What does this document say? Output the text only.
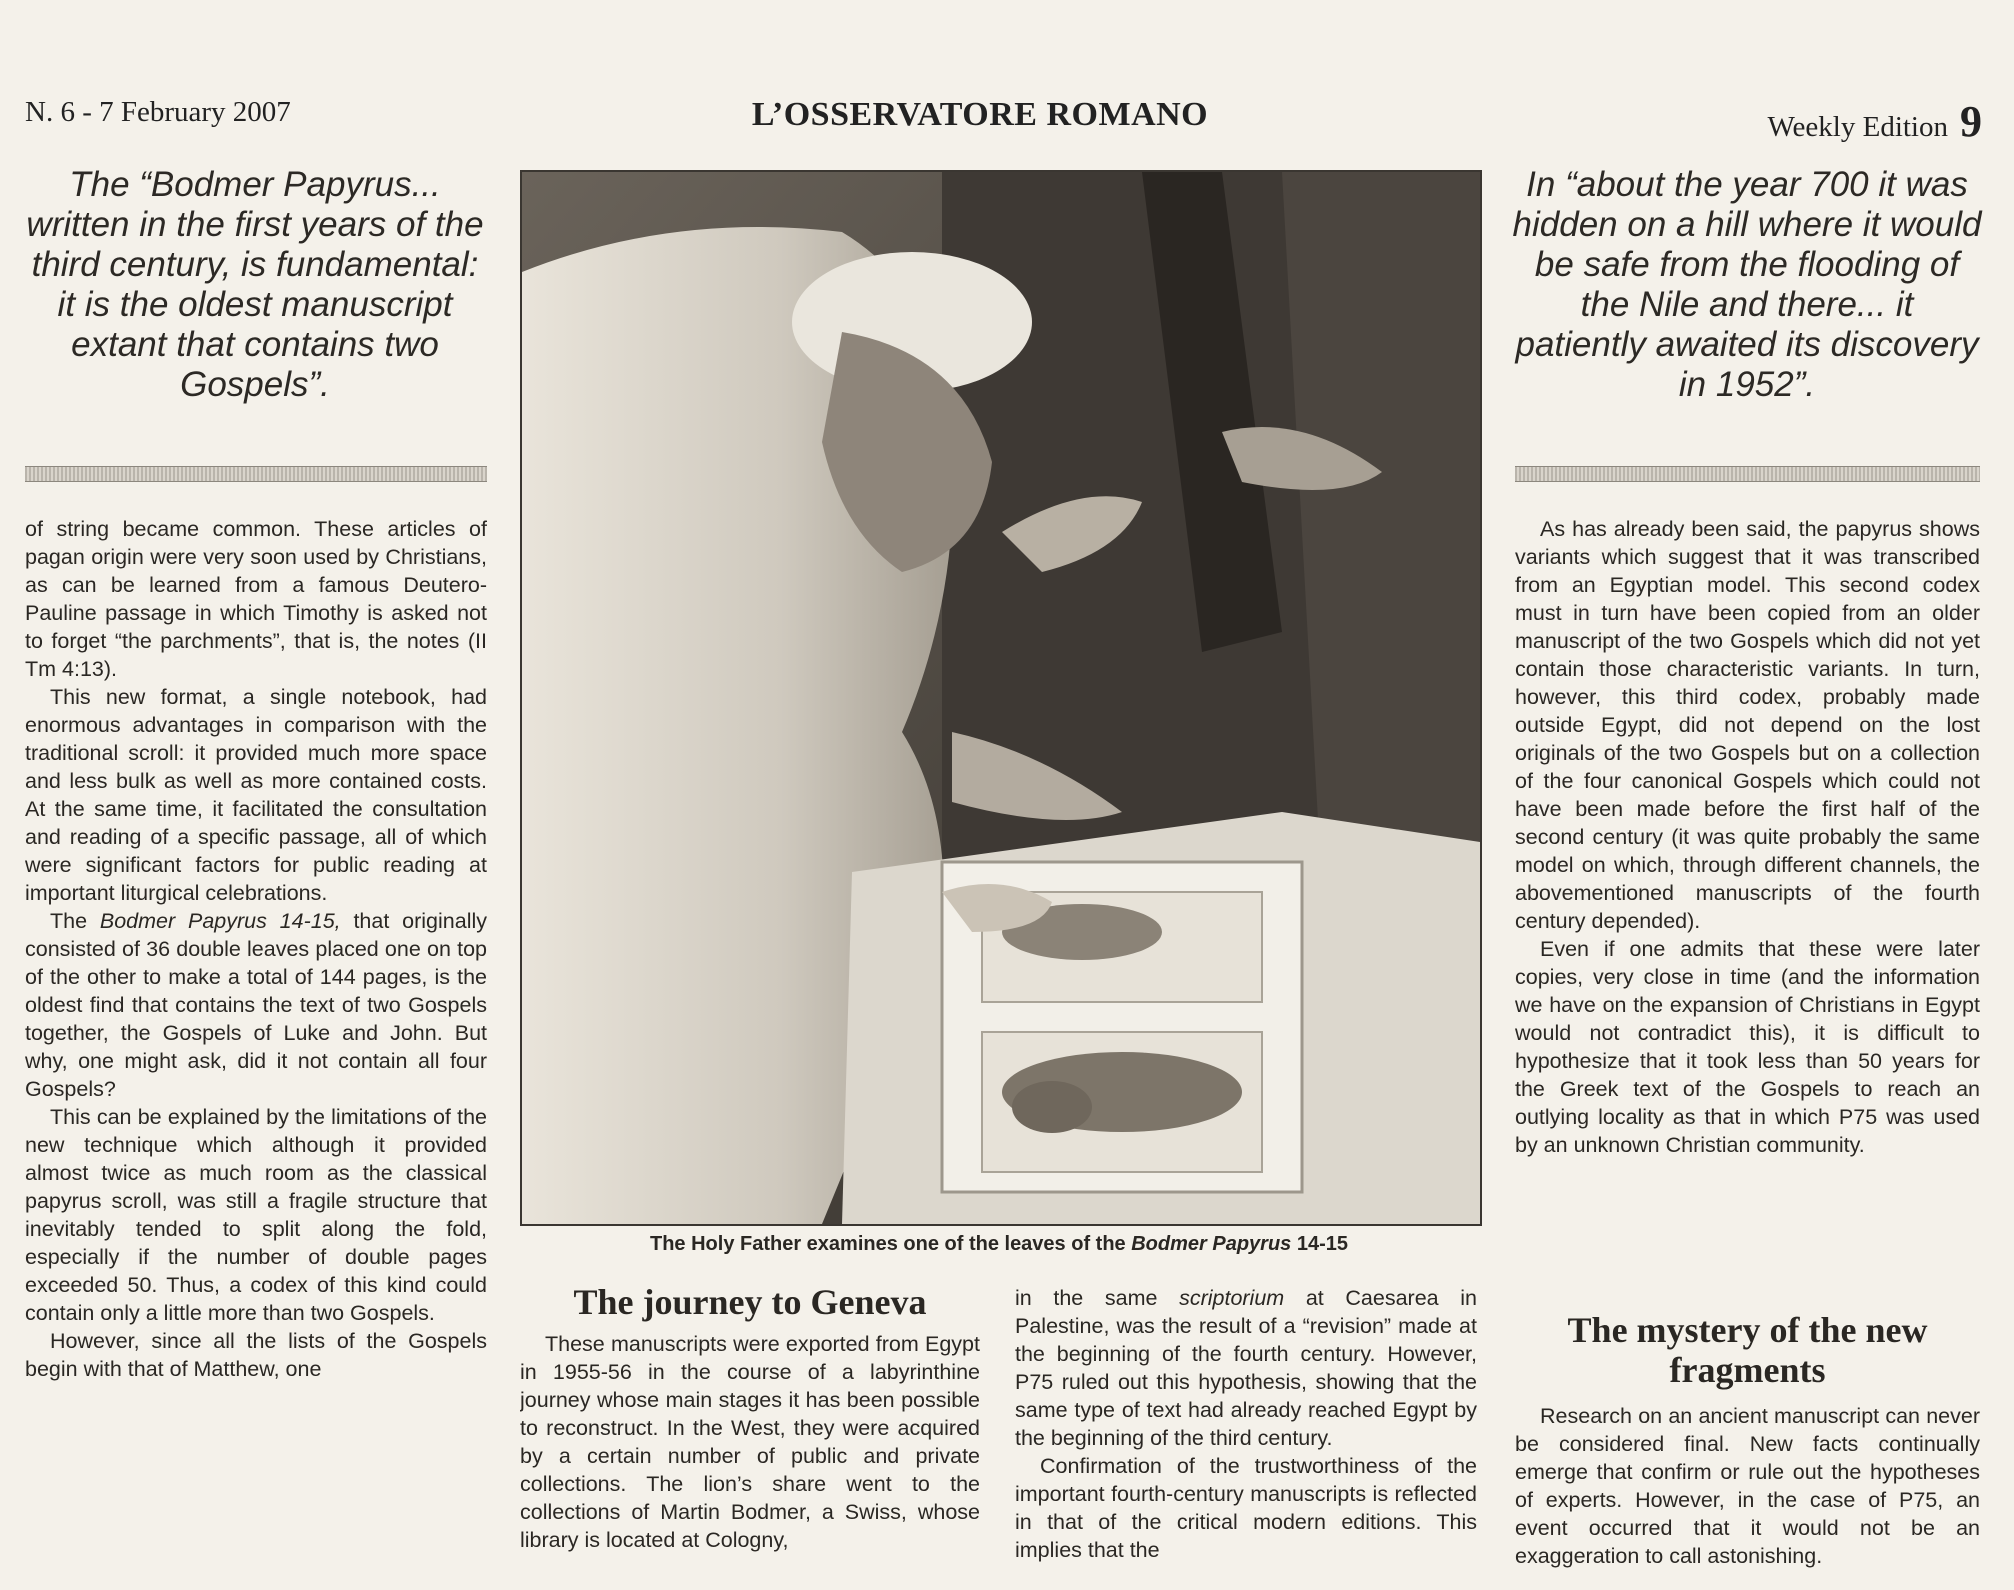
N. 6 - 7 February 2007	L’OSSERVATORE ROMANO	Weekly Edition 9
The “Bodmer Papyrus... written in the first years of the third century, is fundamental: it is the oldest manuscript extant that contains two Gospels”.
In “about the year 700 it was hidden on a hill where it would be safe from the flooding of the Nile and there... it patiently awaited its discovery in 1952”.

of string became common. These articles of pagan origin were very soon used by Christians, as can be learned from a famous Deutero-Pauline passage in which Timothy is asked not to forget “the parchments”, that is, the notes (II Tm 4:13).

This new format, a single notebook, had enormous advantages in comparison with the traditional scroll: it provided much more space and less bulk as well as more contained costs. At the same time, it facilitated the consultation and reading of a specific passage, all of which were significant factors for public reading at important liturgical celebrations.

The Bodmer Papyrus 14-15, that originally consisted of 36 double leaves placed one on top of the other to make a total of 144 pages, is the oldest find that contains the text of two Gospels together, the Gospels of Luke and John. But why, one might ask, did it not contain all four Gospels?

This can be explained by the limitations of the new technique which although it provided almost twice as much room as the classical papyrus scroll, was still a fragile structure that inevitably tended to split along the fold, especially if the number of double pages exceeded 50. Thus, a codex of this kind could contain only a little more than two Gospels.

However, since all the lists of the Gospels begin with that of Matthew, one

The Holy Father examines one of the leaves of the Bodmer Papyrus 14-15
The journey to Geneva

These manuscripts were exported from Egypt in 1955-56 in the course of a labyrinthine journey whose main stages it has been possible to reconstruct. In the West, they were acquired by a certain number of public and private collections. The lion’s share went to the collections of Martin Bodmer, a Swiss, whose library is located at Cologny,

in the same scriptorium at Caesarea in Palestine, was the result of a “revision” made at the beginning of the fourth century. However, P75 ruled out this hypothesis, showing that the same type of text had already reached Egypt by the beginning of the third century.

Confirmation of the trustworthiness of the important fourth-century manuscripts is reflected in that of the critical modern editions. This implies that the

As has already been said, the papyrus shows variants which suggest that it was transcribed from an Egyptian model. This second codex must in turn have been copied from an older manuscript of the two Gospels which did not yet contain those characteristic variants. In turn, however, this third codex, probably made outside Egypt, did not depend on the lost originals of the two Gospels but on a collection of the four canonical Gospels which could not have been made before the first half of the second century (it was quite probably the same model on which, through different channels, the abovementioned manuscripts of the fourth century depended).

Even if one admits that these were later copies, very close in time (and the information we have on the expansion of Christians in Egypt would not contradict this), it is difficult to hypothesize that it took less than 50 years for the Greek text of the Gospels to reach an outlying locality as that in which P75 was used by an unknown Christian community.

The mystery of the new fragments

Research on an ancient manuscript can never be considered final. New facts continually emerge that confirm or rule out the hypotheses of experts. However, in the case of P75, an event occurred that it would not be an exaggeration to call astonishing.
